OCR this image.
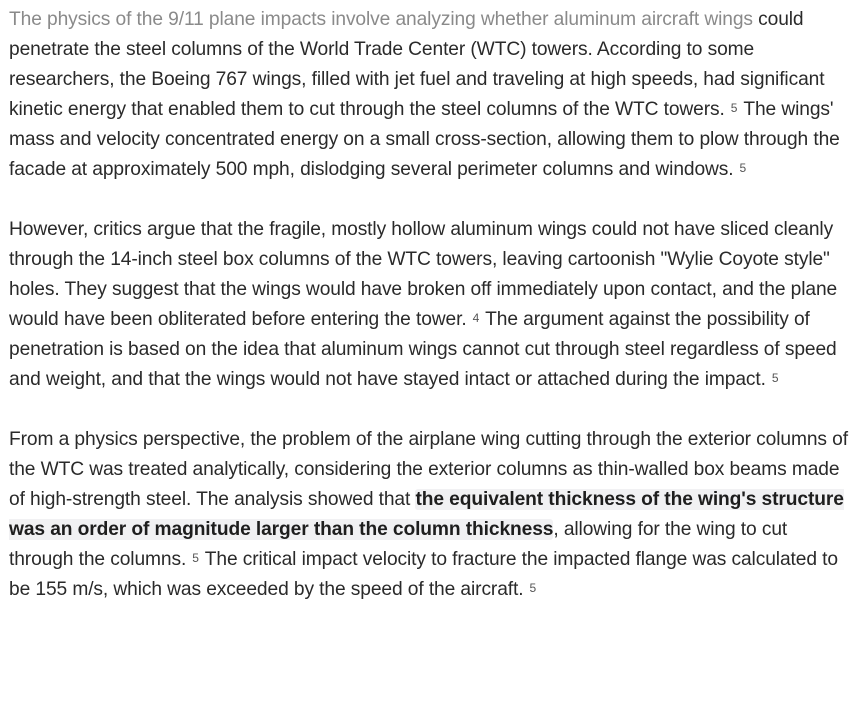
The physics of the 9/11 plane impacts involve analyzing whether aluminum aircraft wings could penetrate the steel columns of the World Trade Center (WTC) towers. According to some researchers, the Boeing 767 wings, filled with jet fuel and traveling at high speeds, had significant kinetic energy that enabled them to cut through the steel columns of the WTC towers. 5 The wings' mass and velocity concentrated energy on a small cross-section, allowing them to plow through the facade at approximately 500 mph, dislodging several perimeter columns and windows. 5

However, critics argue that the fragile, mostly hollow aluminum wings could not have sliced cleanly through the 14-inch steel box columns of the WTC towers, leaving cartoonish "Wylie Coyote style" holes. They suggest that the wings would have broken off immediately upon contact, and the plane would have been obliterated before entering the tower. 4 The argument against the possibility of penetration is based on the idea that aluminum wings cannot cut through steel regardless of speed and weight, and that the wings would not have stayed intact or attached during the impact. 5

From a physics perspective, the problem of the airplane wing cutting through the exterior columns of the WTC was treated analytically, considering the exterior columns as thin-walled box beams made of high-strength steel. The analysis showed that the equivalent thickness of the wing's structure was an order of magnitude larger than the column thickness, allowing for the wing to cut through the columns. 5 The critical impact velocity to fracture the impacted flange was calculated to be 155 m/s, which was exceeded by the speed of the aircraft. 5
